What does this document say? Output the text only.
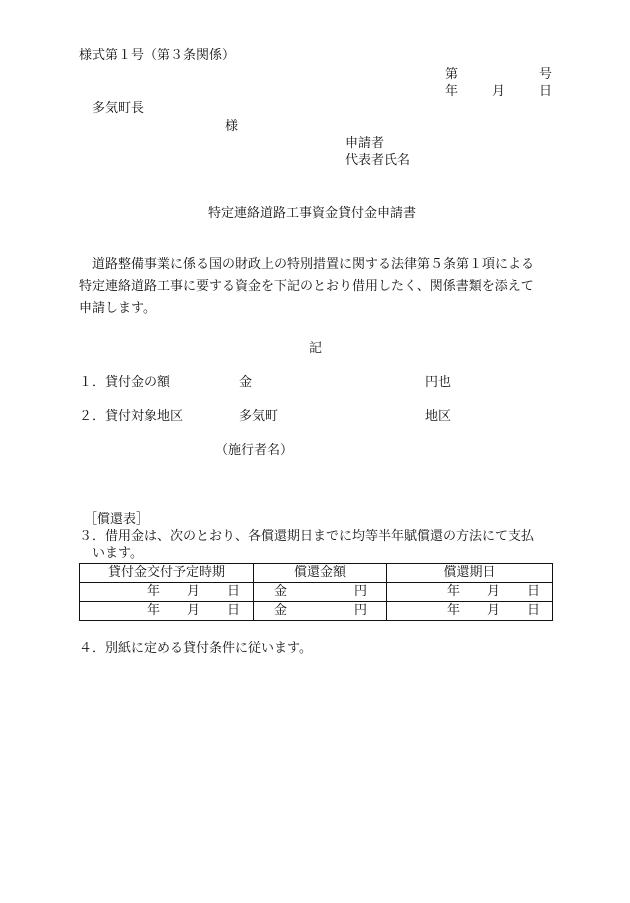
様式第１号（第３条関係）
第	号
年	月	日
多気町長
様
申請者
代表者氏名
特定連絡道路工事資金貸付金申請書
道路整備事業に係る国の財政上の特別措置に関する法律第５条第１項による
特定連絡道路工事に要する資金を下記のとおり借用したく、関係書類を添えて
申請します。
記
１．貸付金の額	金	円也
２．貸付対象地区	多気町	地区
（施行者名）
［償還表］
３．借用金は、次のとおり、各償還期日までに均等半年賦償還の方法にて支払
います。
貸付金交付予定時期	償還金額	償還期日

年 月 日	金 円	年 月 日

年 月 日	金 円	年 月 日
４．別紙に定める貸付条件に従います。
